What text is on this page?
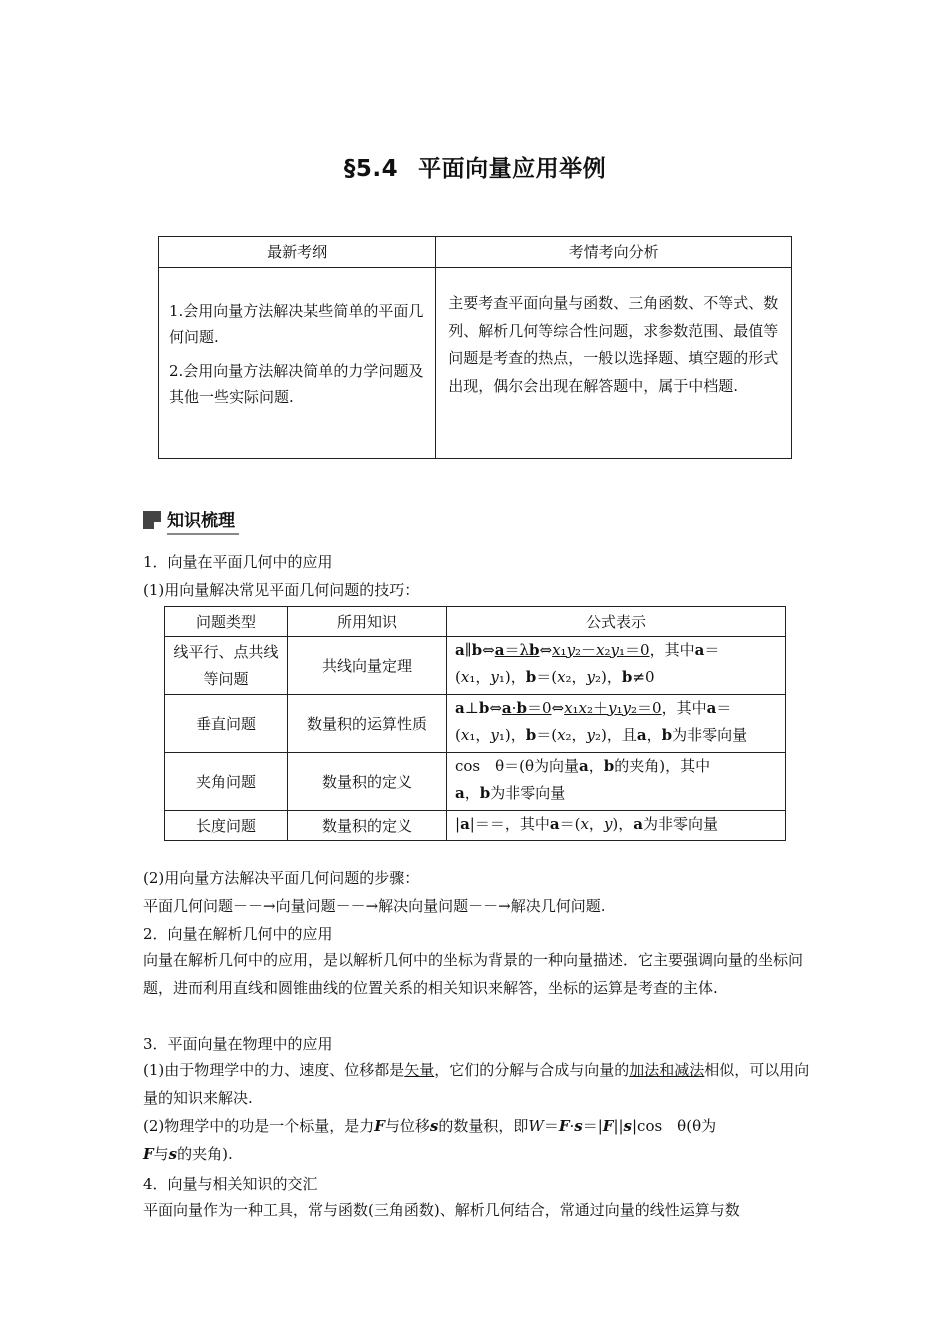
§5.4 平面向量应用举例
最新考纲	考情考向分析

1.会用向量方法解决某些简单的平面几何问题.

2.会用向量方法解决简单的力学问题及其他一些实际问题.	主要考查平面向量与函数、三角函数、不等式、数列、解析几何等综合性问题，求参数范围、最值等问题是考查的热点，一般以选择题、填空题的形式出现，偶尔会出现在解答题中，属于中档题.
知识梳理
1．向量在平面几何中的应用
(1)用向量解决常见平面几何问题的技巧：
问题类型	所用知识	公式表示
线平行、点共线等问题	共线向量定理	a∥b⇔a＝λb⇔x₁y₂－x₂y₁＝0，其中a＝
(x₁，y₁)，b＝(x₂，y₂)，b≠0
垂直问题	数量积的运算性质	a⊥b⇔a·b＝0⇔x₁x₂＋y₁y₂＝0，其中a＝
(x₁，y₁)，b＝(x₂，y₂)，且a，b为非零向量
夹角问题	数量积的定义	cos　θ＝(θ为向量a，b的夹角)，其中
a，b为非零向量
长度问题	数量积的定义	|a|＝＝，其中a＝(x，y)，a为非零向量
(2)用向量方法解决平面几何问题的步骤：
平面几何问题－－→向量问题－－→解决向量问题－－→解决几何问题.
2．向量在解析几何中的应用
向量在解析几何中的应用，是以解析几何中的坐标为背景的一种向量描述．它主要强调向量的坐标问题，进而利用直线和圆锥曲线的位置关系的相关知识来解答，坐标的运算是考查的主体.
3．平面向量在物理中的应用
(1)由于物理学中的力、速度、位移都是矢量，它们的分解与合成与向量的加法和减法相似，可以用向量的知识来解决.
(2)物理学中的功是一个标量，是力F与位移s的数量积，即W＝F·s＝|F||s|cos　θ(θ为
F与s的夹角).
4．向量与相关知识的交汇
平面向量作为一种工具，常与函数(三角函数)、解析几何结合，常通过向量的线性运算与数
